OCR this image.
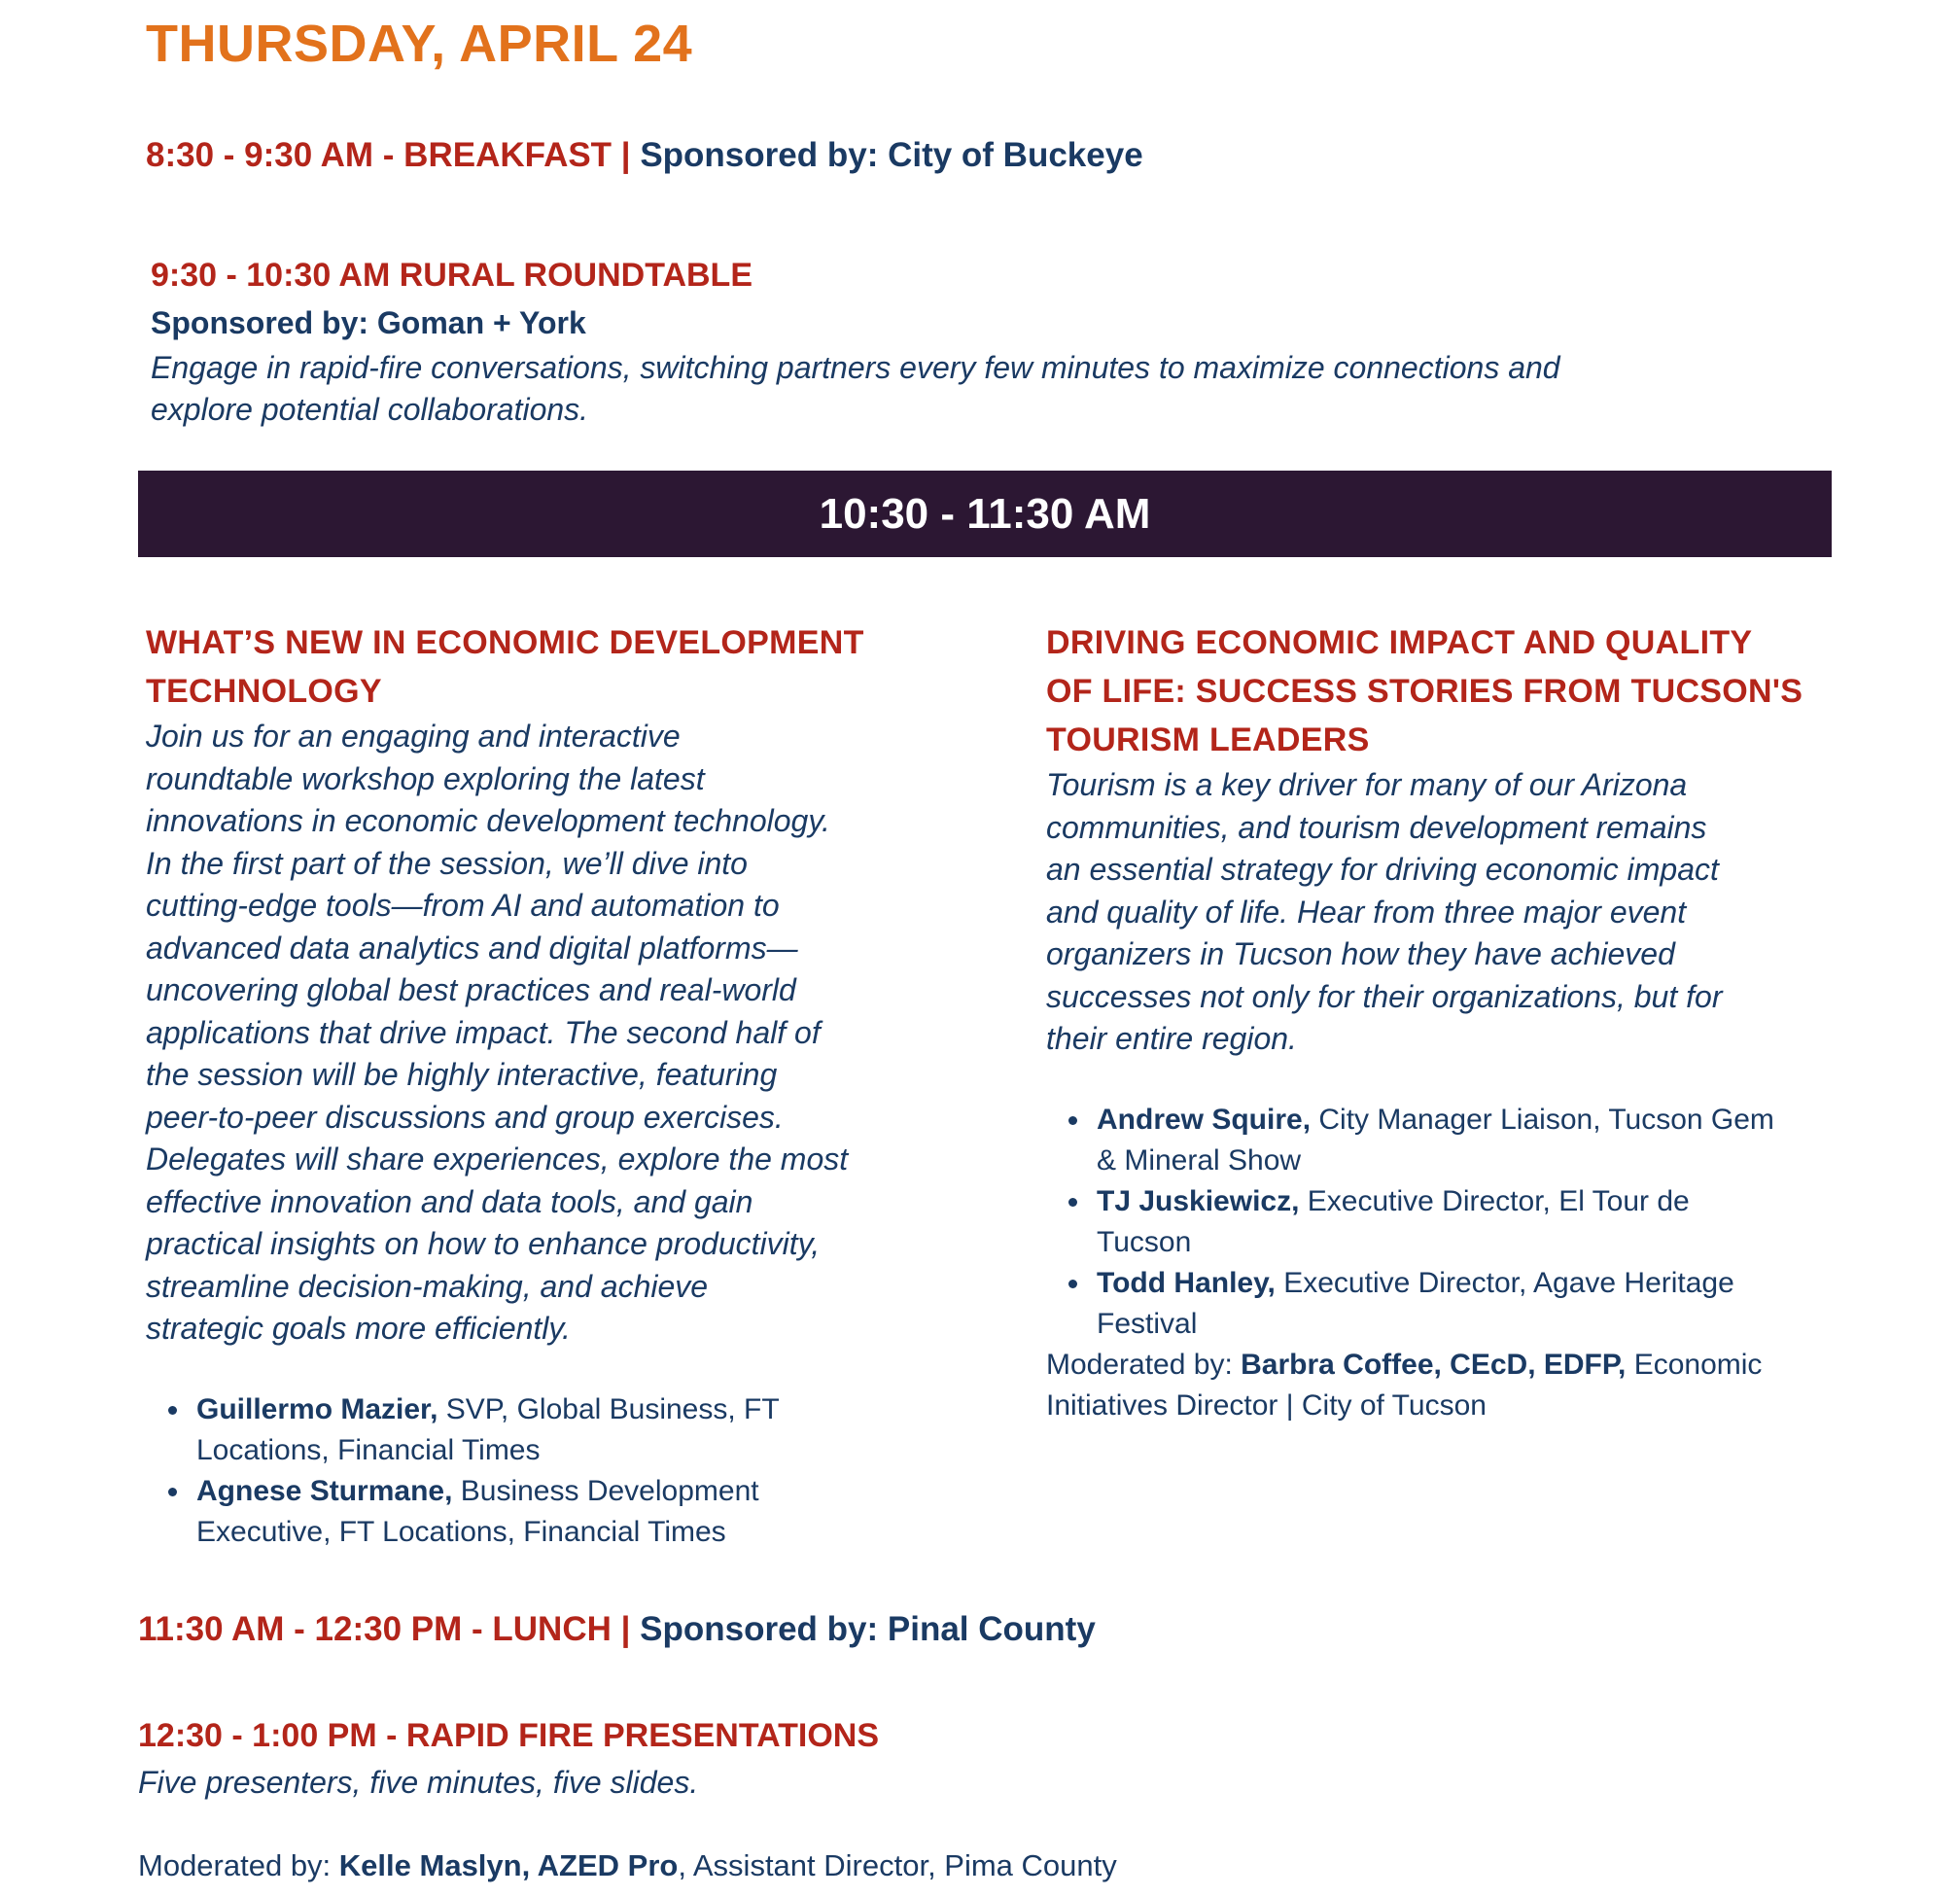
THURSDAY, APRIL 24
8:30 - 9:30 AM - BREAKFAST | Sponsored by: City of Buckeye
9:30 - 10:30 AM RURAL ROUNDTABLE
Sponsored by: Goman + York
Engage in rapid-fire conversations, switching partners every few minutes to maximize connections and
explore potential collaborations.
10:30 - 11:30 AM
WHAT’S NEW IN ECONOMIC DEVELOPMENT
TECHNOLOGY
Join us for an engaging and interactive
roundtable workshop exploring the latest
innovations in economic development technology.
In the first part of the session, we’ll dive into
cutting-edge tools—from AI and automation to
advanced data analytics and digital platforms—
uncovering global best practices and real-world
applications that drive impact. The second half of
the session will be highly interactive, featuring
peer-to-peer discussions and group exercises.
Delegates will share experiences, explore the most
effective innovation and data tools, and gain
practical insights on how to enhance productivity,
streamline decision-making, and achieve
strategic goals more efficiently.
Guillermo Mazier, SVP, Global Business, FT
Locations, Financial Times
Agnese Sturmane, Business Development
Executive, FT Locations, Financial Times
DRIVING ECONOMIC IMPACT AND QUALITY
OF LIFE: SUCCESS STORIES FROM TUCSON'S
TOURISM LEADERS
Tourism is a key driver for many of our Arizona
communities, and tourism development remains
an essential strategy for driving economic impact
and quality of life. Hear from three major event
organizers in Tucson how they have achieved
successes not only for their organizations, but for
their entire region.
Andrew Squire, City Manager Liaison, Tucson Gem
& Mineral Show
TJ Juskiewicz, Executive Director, El Tour de
Tucson
Todd Hanley, Executive Director, Agave Heritage
Festival
Moderated by: Barbra Coffee, CEcD, EDFP, Economic
Initiatives Director | City of Tucson
11:30 AM - 12:30 PM - LUNCH | Sponsored by: Pinal County
12:30 - 1:00 PM - RAPID FIRE PRESENTATIONS
Five presenters, five minutes, five slides.
Moderated by: Kelle Maslyn, AZED Pro, Assistant Director, Pima County
